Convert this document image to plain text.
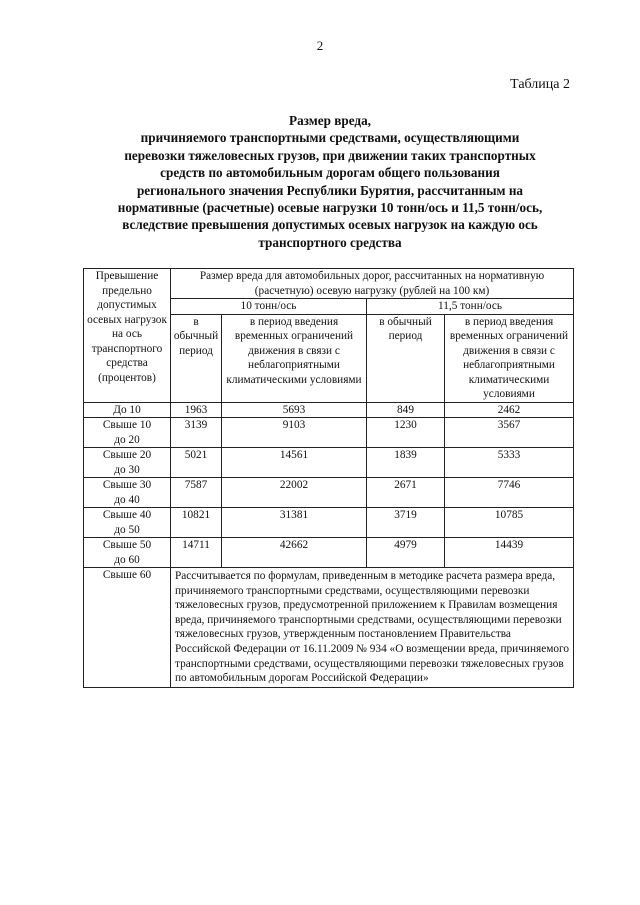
2
Таблица 2
Размер вреда,
причиняемого транспортными средствами, осуществляющими
перевозки тяжеловесных грузов, при движении таких транспортных
средств по автомобильным дорогам общего пользования
регионального значения Республики Бурятия, рассчитанным на
нормативные (расчетные) осевые нагрузки 10 тонн/ось и 11,5 тонн/ось,
вследствие превышения допустимых осевых нагрузок на каждую ось
транспортного средства
Превышение предельно допустимых осевых нагрузок на ось транспортного средства (процентов)	Размер вреда для автомобильных дорог, рассчитанных на нормативную (расчетную) осевую нагрузку (рублей на 100 км)			
	10 тонн/ось		11,5 тонн/ось	
	в обычный период	в период введения временных ограничений движения в связи с неблагоприятными климатическими условиями	в обычный период	в период введения временных ограничений движения в связи с неблагоприятными климатическими условиями
До 10	1963	5693	849	2462
Свыше 10 до 20	3139	9103	1230	3567
Свыше 20 до 30	5021	14561	1839	5333
Свыше 30 до 40	7587	22002	2671	7746
Свыше 40 до 50	10821	31381	3719	10785
Свыше 50 до 60	14711	42662	4979	14439
Свыше 60	Рассчитывается по формулам, приведенным в методике расчета размера вреда, причиняемого транспортными средствами, осуществляющими перевозки тяжеловесных грузов, предусмотренной приложением к Правилам возмещения вреда, причиняемого транспортными средствами, осуществляющими перевозки тяжеловесных грузов, утвержденным постановлением Правительства Российской Федерации от 16.11.2009 № 934 «О возмещении вреда, причиняемого транспортными средствами, осуществляющими перевозки тяжеловесных грузов по автомобильным дорогам Российской Федерации»			
